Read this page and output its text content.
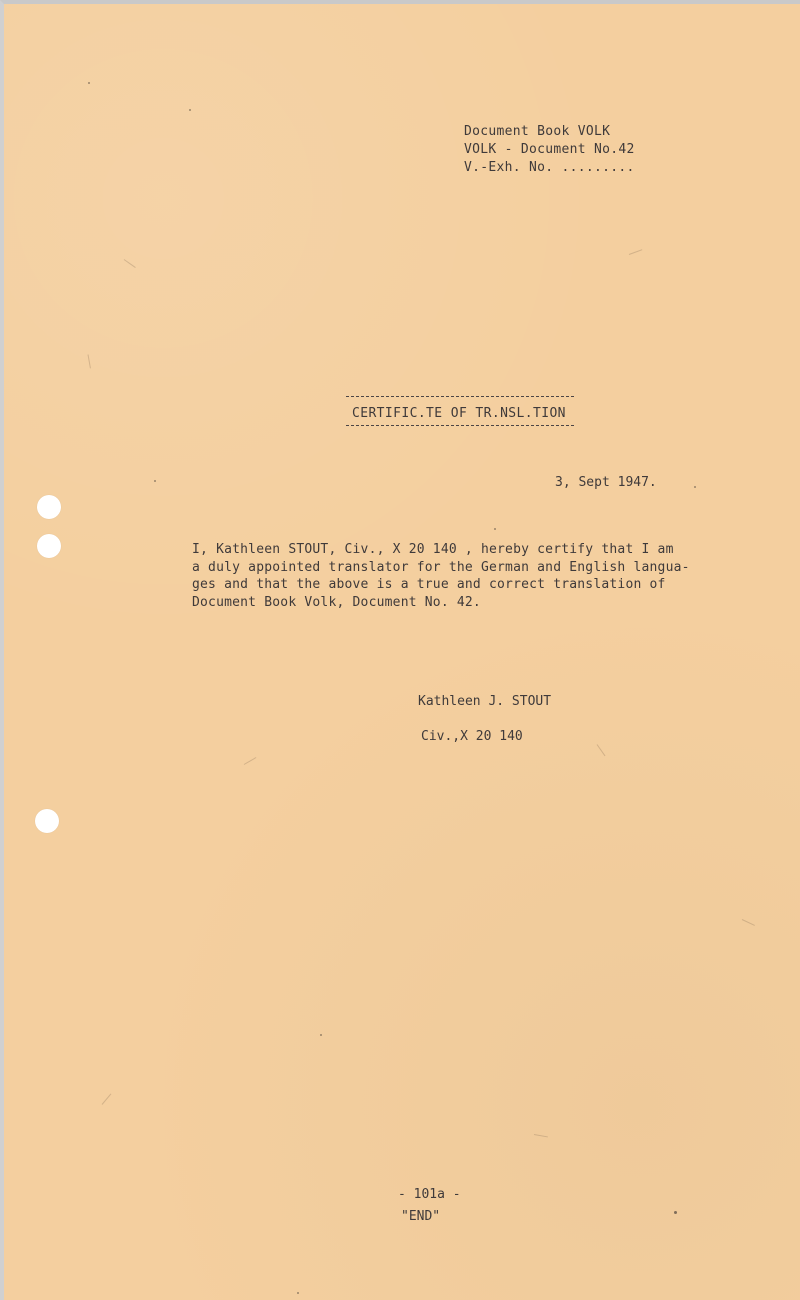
Document Book VOLK
VOLK - Document No.42
V.-Exh. No. .........
CERTIFIC.TE OF TR.NSL.TION
3, Sept 1947.
I, Kathleen STOUT, Civ., X 20 140 , hereby certify that I am
a duly appointed translator for the German and English langua-
ges and that the above is a true and correct translation of
Document Book Volk, Document No. 42.
Kathleen J. STOUT
Civ.,X 20 140
- 101a -
"END"
